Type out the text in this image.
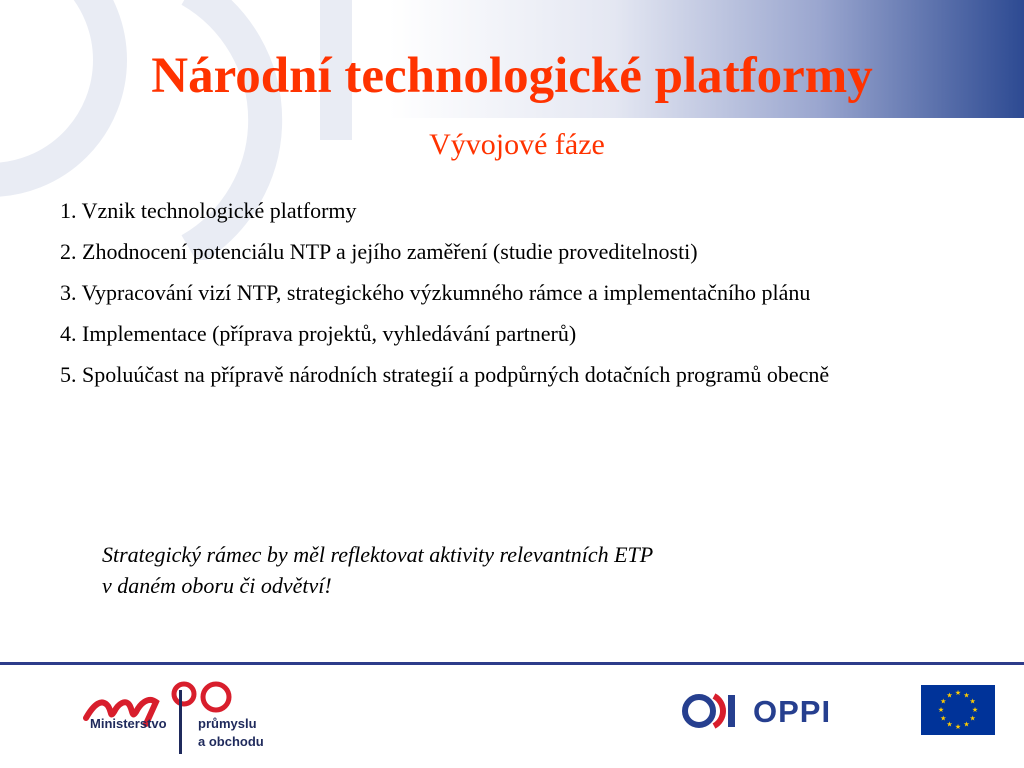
Národní technologické platformy
Vývojové fáze
1. Vznik technologické platformy
2. Zhodnocení potenciálu NTP a jejího zaměření (studie proveditelnosti)
3. Vypracování vizí NTP, strategického výzkumného rámce a implementačního plánu
4. Implementace (příprava projektů, vyhledávání partnerů)
5. Spoluúčast na přípravě národních strategií a podpůrných dotačních programů obecně
Strategický rámec by měl reflektovat aktivity relevantních ETP
v daném oboru či odvětví!
Ministerstvo průmyslu
a obchodu
OPPI
★ ★
★
★
★
★
★
★
★
★
★
★
